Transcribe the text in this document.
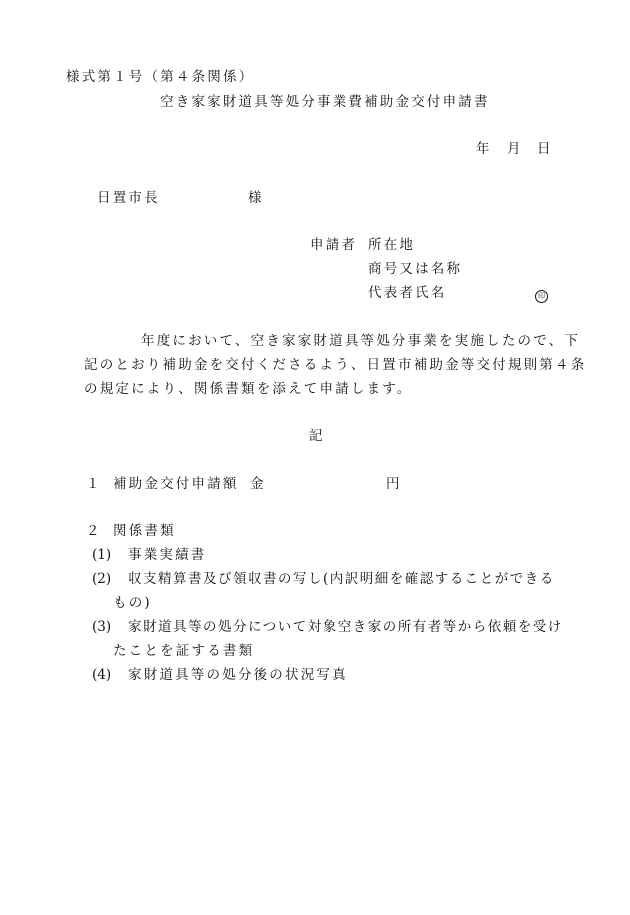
様式第１号（第４条関係）
空き家家財道具等処分事業費補助金交付申請書
年 月 日
日置市長	様
申請者 所在地
商号又は名称
代表者氏名	印
年度において、空き家家財道具等処分事業を実施したので、下
記のとおり補助金を交付くださるよう、日置市補助金等交付規則第４条
の規定により、関係書類を添えて申請します。
記
１ 補助金交付申請額 金	円
２ 関係書類
(1) 事業実績書
(2) 収支精算書及び領収書の写し(内訳明細を確認することができる
もの)
(3) 家財道具等の処分について対象空き家の所有者等から依頼を受け
たことを証する書類
(4) 家財道具等の処分後の状況写真
